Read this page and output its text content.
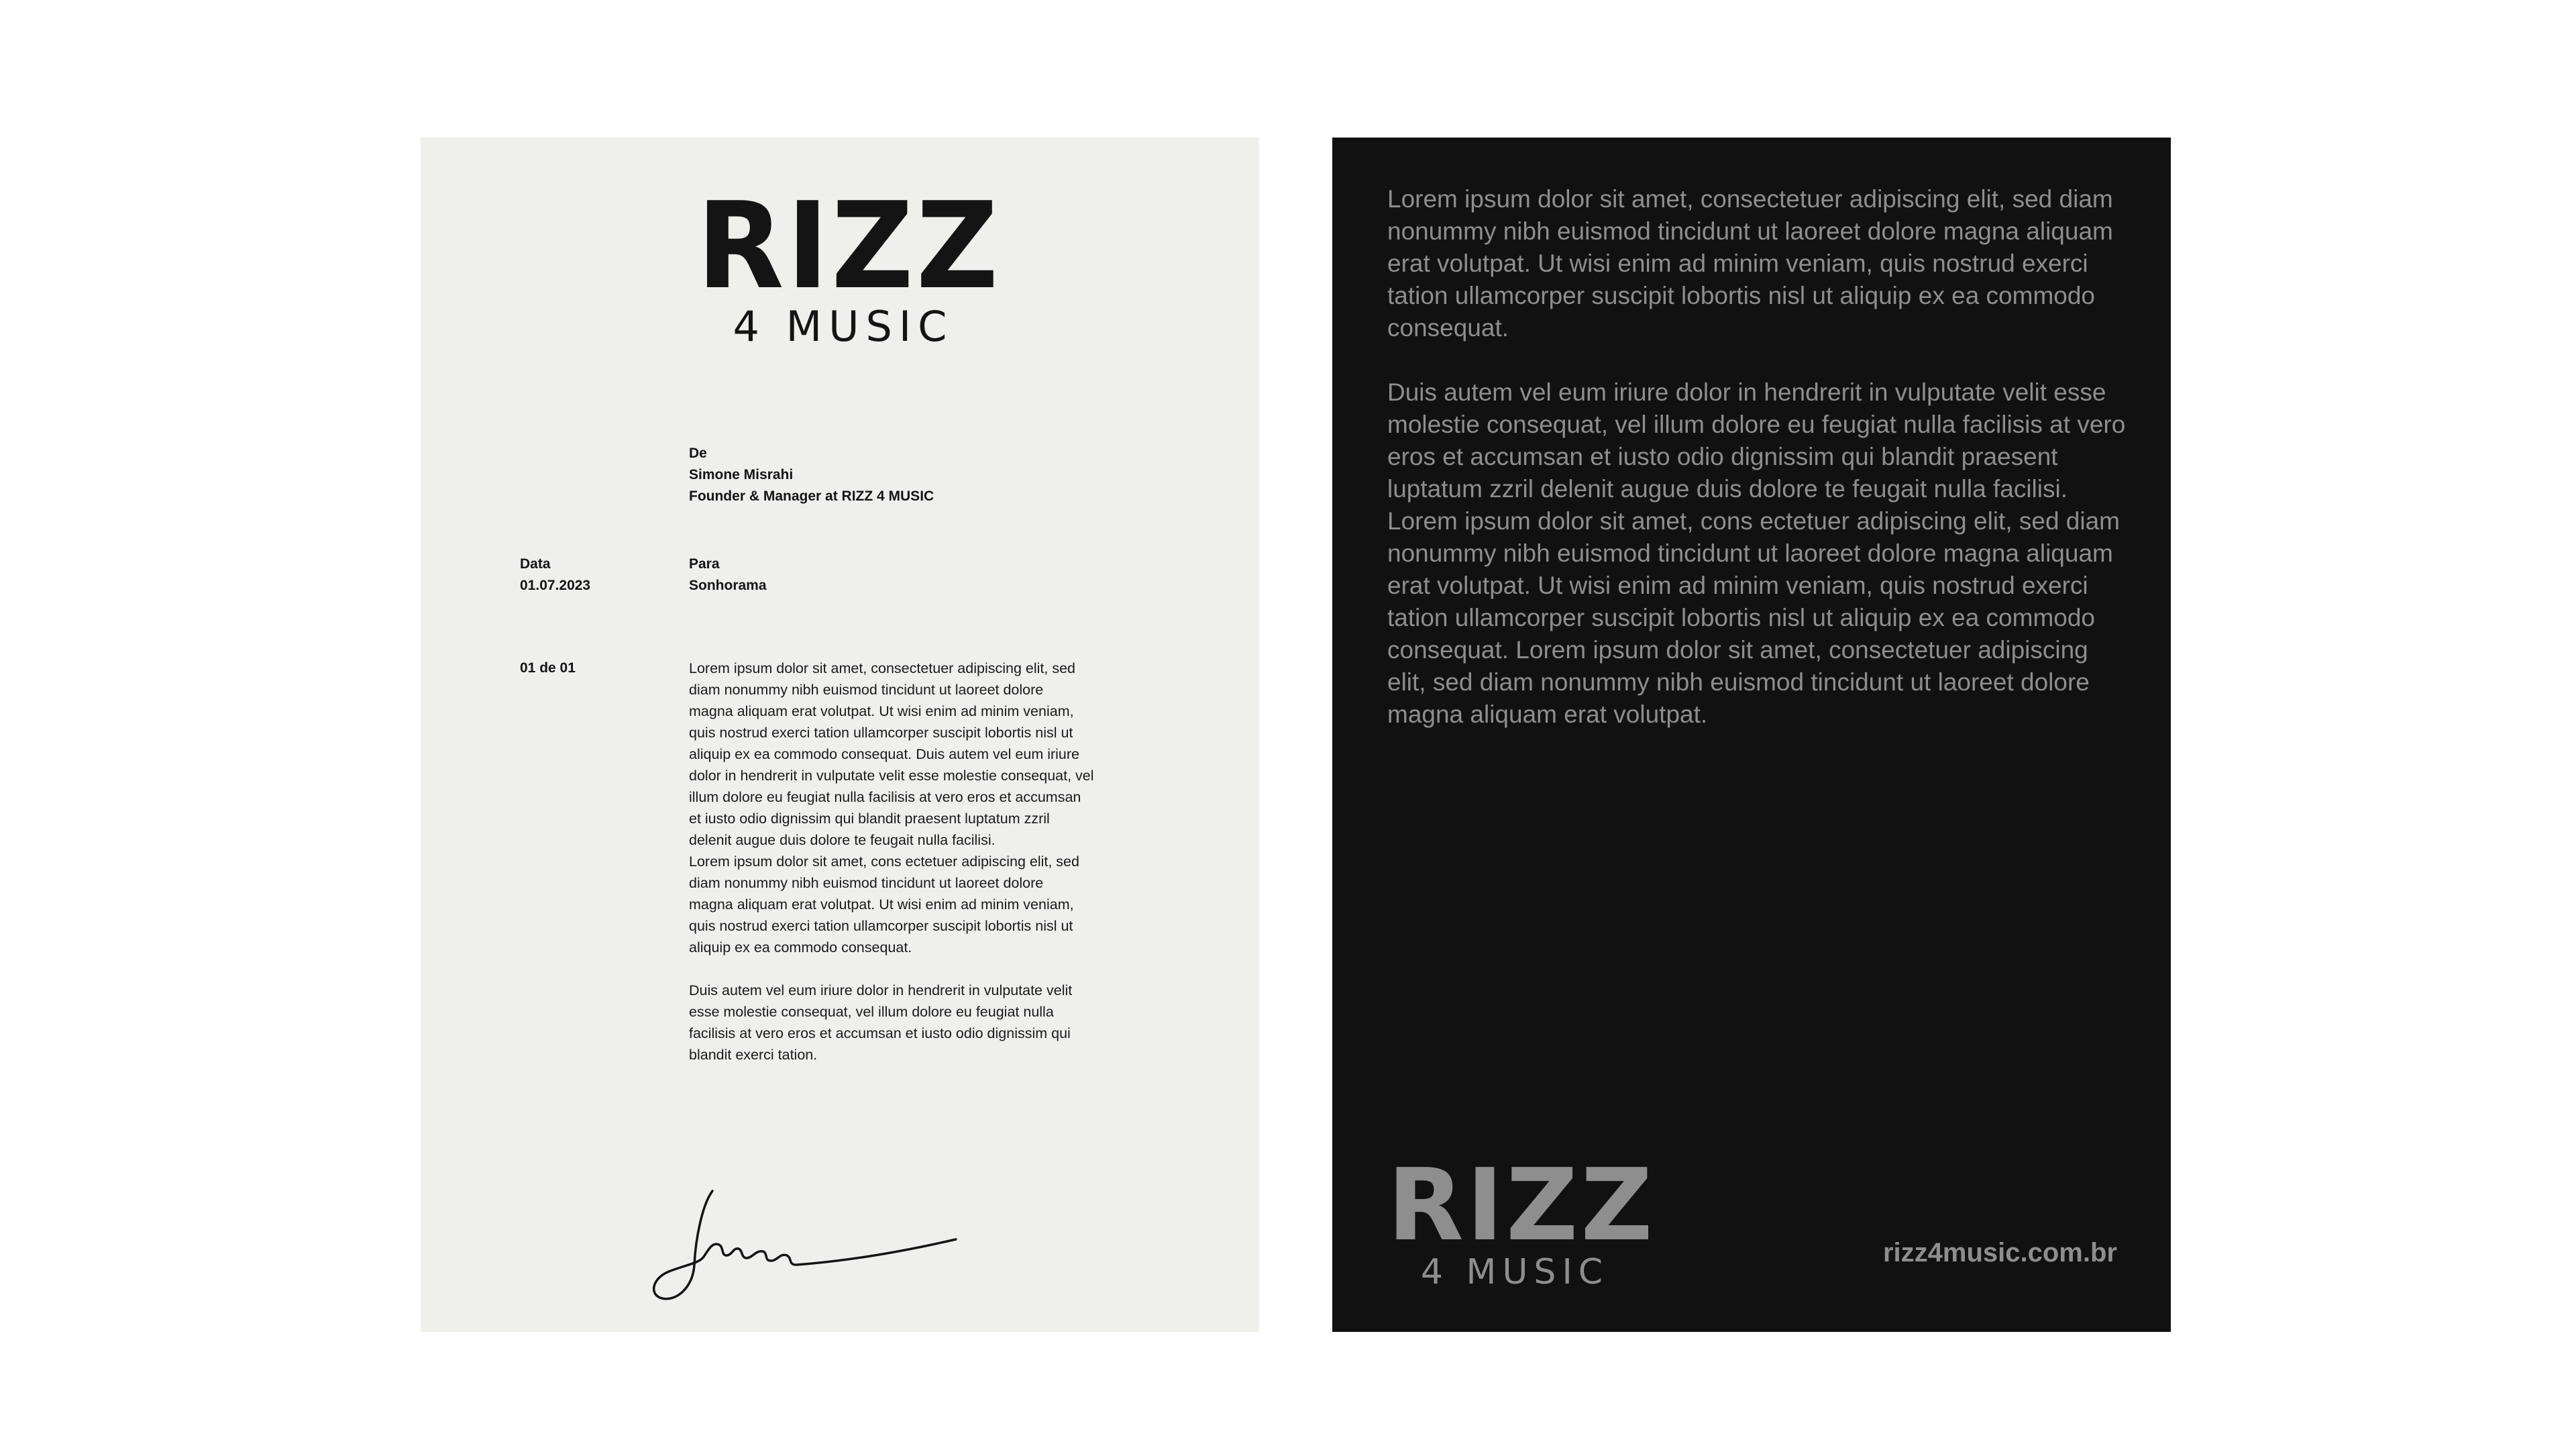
RIZZ
4 MUSIC
De
Simone Misrahi
Founder & Manager at RIZZ 4 MUSIC
Data
01.07.2023
Para
Sonhorama
01 de 01	Lorem ipsum dolor sit amet, consectetuer adipiscing elit, sed
diam nonummy nibh euismod tincidunt ut laoreet dolore
magna aliquam erat volutpat. Ut wisi enim ad minim veniam,
quis nostrud exerci tation ullamcorper suscipit lobortis nisl ut
aliquip ex ea commodo consequat. Duis autem vel eum iriure
dolor in hendrerit in vulputate velit esse molestie consequat, vel
illum dolore eu feugiat nulla facilisis at vero eros et accumsan
et iusto odio dignissim qui blandit praesent luptatum zzril
delenit augue duis dolore te feugait nulla facilisi.
Lorem ipsum dolor sit amet, cons ectetuer adipiscing elit, sed
diam nonummy nibh euismod tincidunt ut laoreet dolore
magna aliquam erat volutpat. Ut wisi enim ad minim veniam,
quis nostrud exerci tation ullamcorper suscipit lobortis nisl ut
aliquip ex ea commodo consequat.

Duis autem vel eum iriure dolor in hendrerit in vulputate velit
esse molestie consequat, vel illum dolore eu feugiat nulla
facilisis at vero eros et accumsan et iusto odio dignissim qui
blandit exerci tation.

Lorem ipsum dolor sit amet, consectetuer adipiscing elit, sed diam nonummy nibh euismod tincidunt ut laoreet dolore magna aliquam erat volutpat. Ut wisi enim ad minim veniam, quis nostrud exerci tation ullamcorper suscipit lobortis nisl ut aliquip ex ea commodo consequat.

Duis autem vel eum iriure dolor in hendrerit in vulputate velit esse molestie consequat, vel illum dolore eu feugiat nulla facilisis at vero eros et accumsan et iusto odio dignissim qui blandit praesent luptatum zzril delenit augue duis dolore te feugait nulla facilisi. Lorem ipsum dolor sit amet, cons ectetuer adipiscing elit, sed diam nonummy nibh euismod tincidunt ut laoreet dolore magna aliquam erat volutpat. Ut wisi enim ad minim veniam, quis nostrud exerci tation ullamcorper suscipit lobortis nisl ut aliquip ex ea commodo consequat. Lorem ipsum dolor sit amet, consectetuer adipiscing elit, sed diam nonummy nibh euismod tincidunt ut laoreet dolore magna aliquam erat volutpat.

RIZZ
4 MUSIC	rizz4music.com.br
